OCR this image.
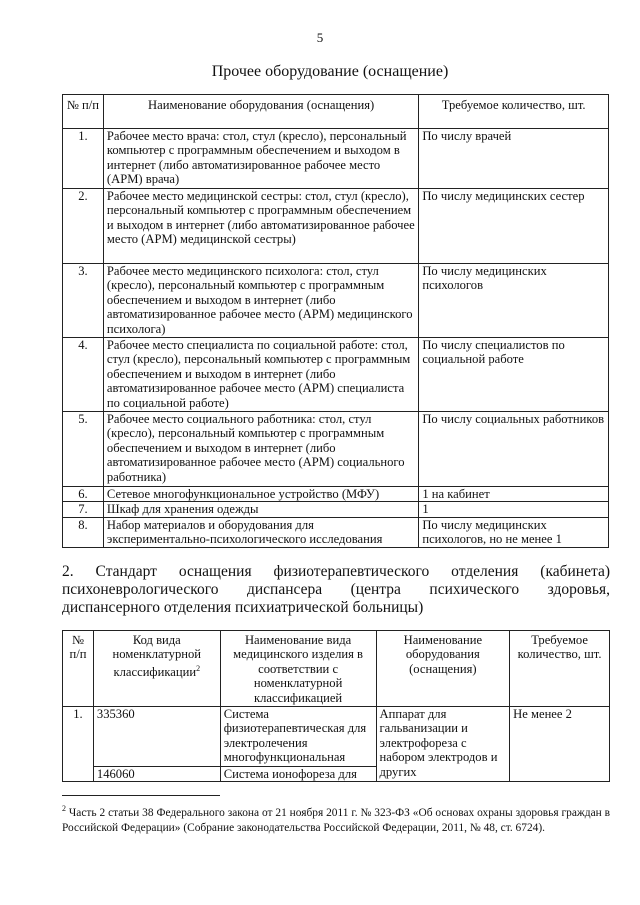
5
Прочее оборудование (оснащение)
№ п/п	Наименование оборудования (оснащения)	Требуемое количество, шт.
1.	Рабочее место врача: стол, стул (кресло), персональный компьютер с программным обеспечением и выходом в интернет (либо автоматизированное рабочее место (АРМ) врача)	По числу врачей
2.	Рабочее место медицинской сестры: стол, стул (кресло), персональный компьютер с программным обеспечением и выходом в интернет (либо автоматизированное рабочее место (АРМ) медицинской сестры)	По числу медицинских сестер
3.	Рабочее место медицинского психолога: стол, стул (кресло), персональный компьютер с программным обеспечением и выходом в интернет (либо автоматизированное рабочее место (АРМ) медицинского психолога)	По числу медицинских психологов
4.	Рабочее место специалиста по социальной работе: стол, стул (кресло), персональный компьютер с программным обеспечением и выходом в интернет (либо автоматизированное рабочее место (АРМ) специалиста по социальной работе)	По числу специалистов по социальной работе
5.	Рабочее место социального работника: стол, стул (кресло), персональный компьютер с программным обеспечением и выходом в интернет (либо автоматизированное рабочее место (АРМ) социального работника)	По числу социальных работников
6.	Сетевое многофункциональное устройство (МФУ)	1 на кабинет
7.	Шкаф для хранения одежды	1
8.	Набор материалов и оборудования для экспериментально-психологического исследования	По числу медицинских психологов, но не менее 1
2. Стандарт оснащения физиотерапевтического отделения (кабинета) психоневрологического диспансера (центра психического здоровья, диспансерного отделения психиатрической больницы)
№ п/п	Код вида номенклатурной классификации$^2$	Наименование вида медицинского изделия в соответствии с номенклатурной классификацией	Наименование оборудования (оснащения)	Требуемое количество, шт.
1.	335360	Система физиотерапевтическая для электролечения многофункциональная	Аппарат для гальванизации и электрофореза с набором электродов и других	Не менее 2
	146060	Система ионофореза для		
$^2$ Часть 2 статьи 38 Федерального закона от 21 ноября 2011 г. № 323-ФЗ «Об основах охраны здоровья граждан в Российской Федерации» (Собрание законодательства Российской Федерации, 2011, № 48, ст. 6724).
